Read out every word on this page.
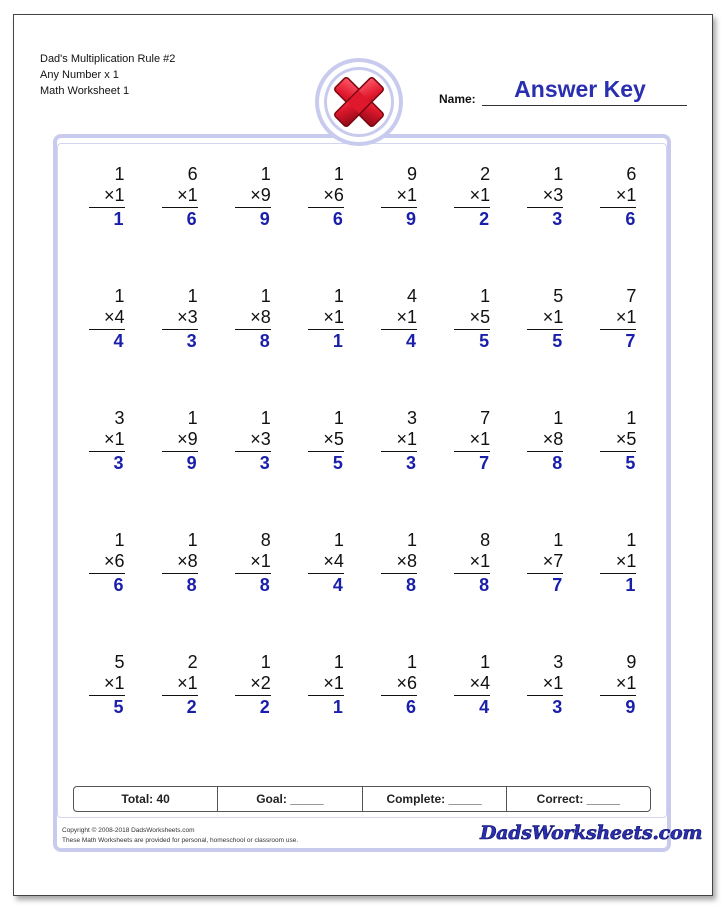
Dad's Multiplication Rule #2
Any Number x 1
Math Worksheet 1
Name:	Answer Key
1
×1
1
6
×1
6
1
×9
9
1
×6
6
9
×1
9
2
×1
2
1
×3
3
6
×1
6
1
×4
4
1
×3
3
1
×8
8
1
×1
1
4
×1
4
1
×5
5
5
×1
5
7
×1
7
3
×1
3
1
×9
9
1
×3
3
1
×5
5
3
×1
3
7
×1
7
1
×8
8
1
×5
5
1
×6
6
1
×8
8
8
×1
8
1
×4
4
1
×8
8
8
×1
8
1
×7
7
1
×1
1
5
×1
5
2
×1
2
1
×2
2
1
×1
1
1
×6
6
1
×4
4
3
×1
3
9
×1
9
Total: 40	Goal: _____	Complete: _____	Correct: _____
Copyright © 2008-2018 DadsWorksheets.com
These Math Worksheets are provided for personal, homeschool or classroom use.	DadsWorksheets.com
